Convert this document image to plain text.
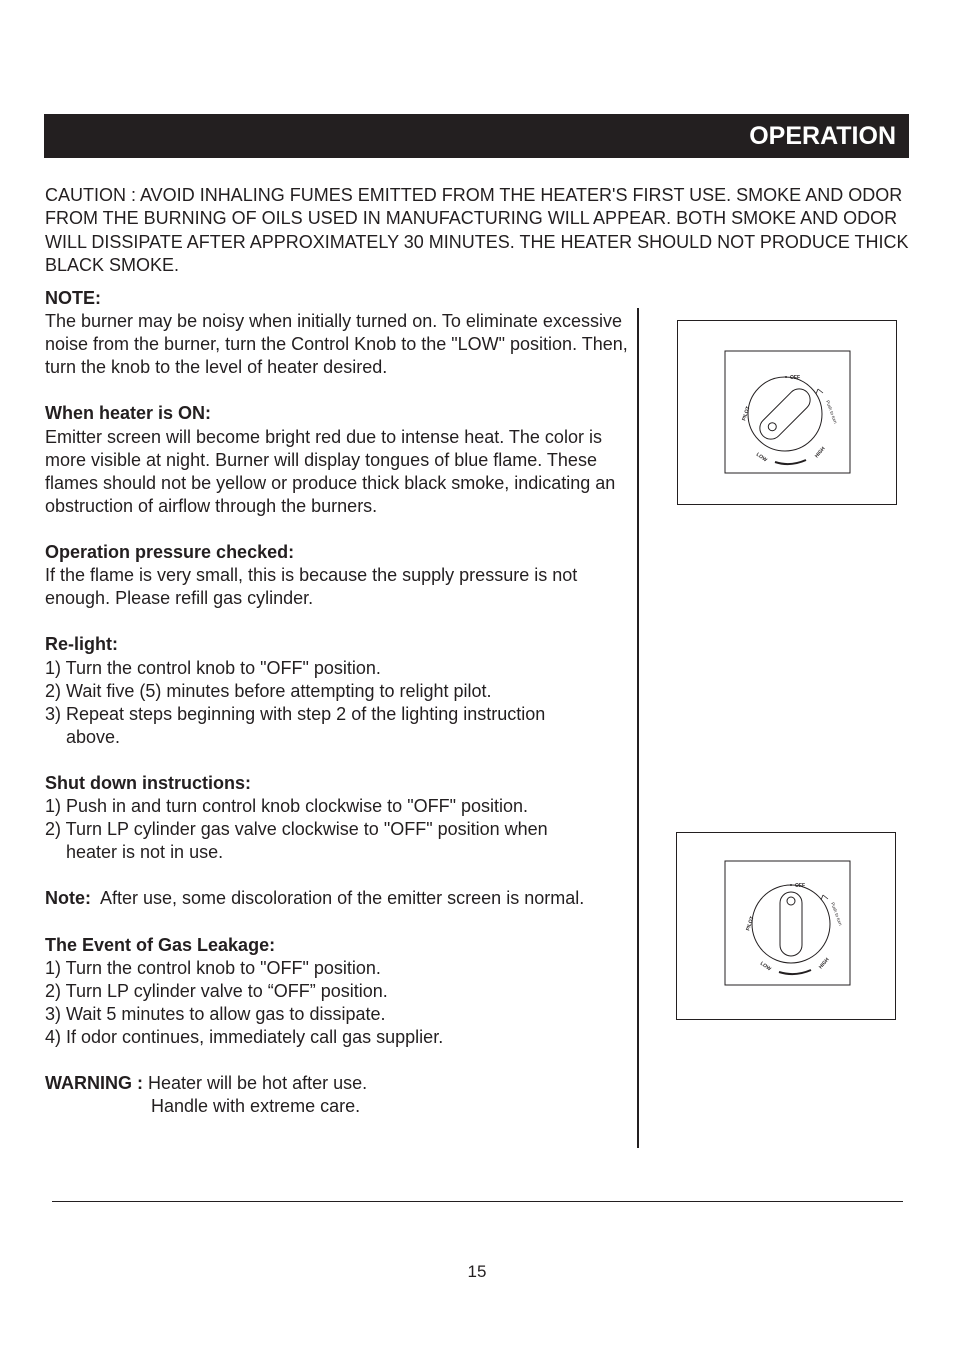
OPERATION

CAUTION : AVOID INHALING FUMES EMITTED FROM THE HEATER'S FIRST USE. SMOKE AND ODOR FROM THE BURNING OF OILS USED IN MANUFACTURING WILL APPEAR. BOTH SMOKE AND ODOR WILL DISSIPATE AFTER APPROXIMATELY 30 MINUTES. THE HEATER SHOULD NOT PRODUCE THICK BLACK SMOKE.

NOTE:

The burner may be noisy when initially turned on. To eliminate excessive noise from the burner, turn the Control Knob to the "LOW" position. Then, turn the knob to the level of heater desired.

When heater is ON:

Emitter screen will become bright red due to intense heat. The color is more visible at night. Burner will display tongues of blue flame. These flames should not be yellow or produce thick black smoke, indicating an obstruction of airflow through the burners.

Operation pressure checked:

If the flame is very small, this is because the supply pressure is not enough. Please refill gas cylinder.

Re-light:

1) Turn the control knob to "OFF" position.

2) Wait five (5) minutes before attempting to relight pilot.

3) Repeat steps beginning with step 2 of the lighting instruction

above.

Shut down instructions:

1) Push in and turn control knob clockwise to "OFF" position.

2) Turn LP cylinder gas valve clockwise to "OFF" position when

heater is not in use.

Note:  After use, some discoloration of the emitter screen is normal.

The Event of Gas Leakage:

1) Turn the control knob to "OFF" position.

2) Turn LP cylinder valve to “OFF” position.

3) Wait 5 minutes to allow gas to dissipate.

4) If odor continues, immediately call gas supplier.

WARNING : Heater will be hot after use.

Handle with extreme care.

OFF
PILOT	Push to turn
LOW	HIGH
OFF
PILOT	Push to turn
LOW	HIGH
15
